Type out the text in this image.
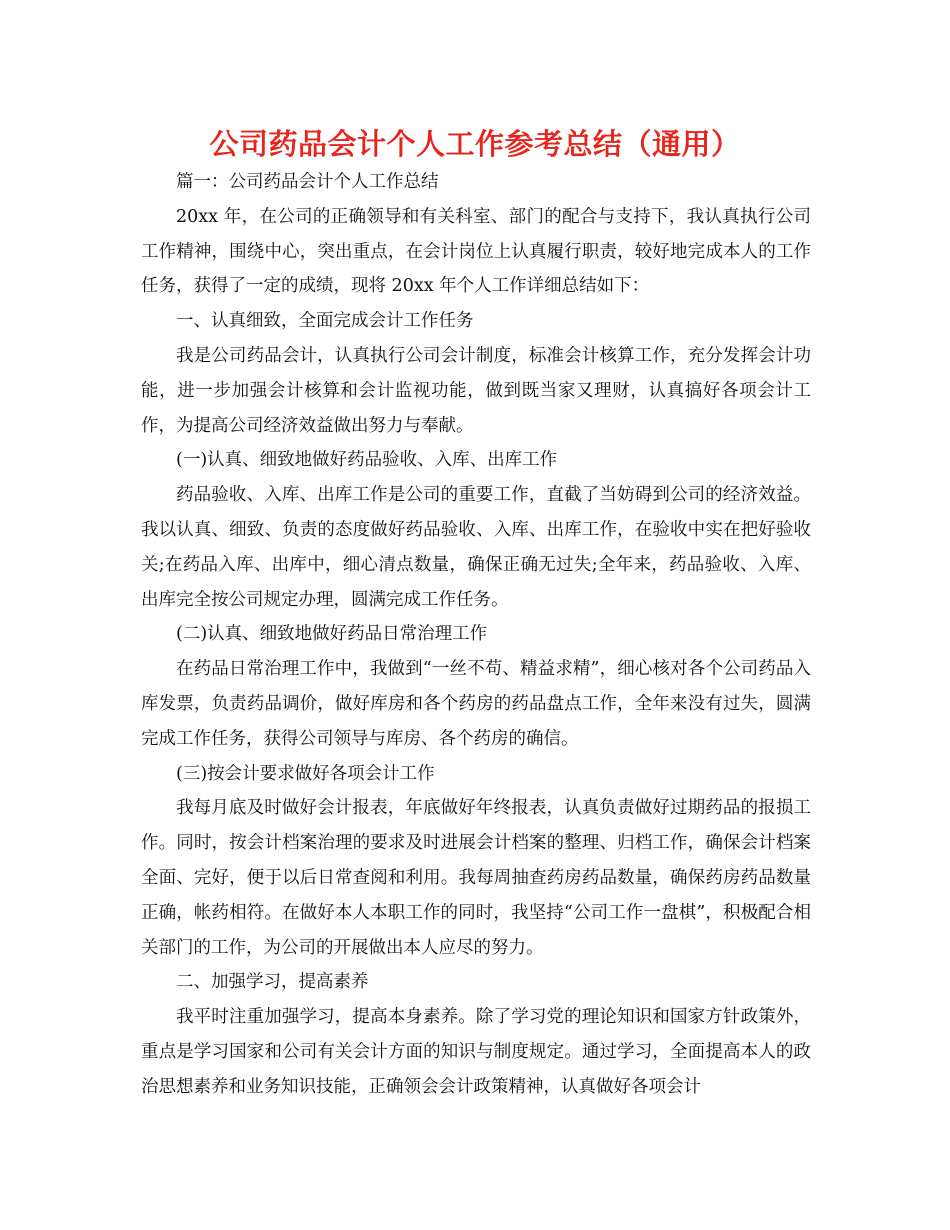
公司药品会计个人工作参考总结（通用）

篇一：公司药品会计个人工作总结

20xx 年，在公司的正确领导和有关科室、部门的配合与支持下，我认真执行公司工作精神，围绕中心，突出重点，在会计岗位上认真履行职责，较好地完成本人的工作任务，获得了一定的成绩，现将 20xx 年个人工作详细总结如下：

一、认真细致，全面完成会计工作任务

我是公司药品会计，认真执行公司会计制度，标准会计核算工作，充分发挥会计功能，进一步加强会计核算和会计监视功能，做到既当家又理财，认真搞好各项会计工作，为提高公司经济效益做出努力与奉献。

(一)认真、细致地做好药品验收、入库、出库工作

药品验收、入库、出库工作是公司的重要工作，直截了当妨碍到公司的经济效益。我以认真、细致、负责的态度做好药品验收、入库、出库工作，在验收中实在把好验收关;在药品入库、出库中，细心清点数量，确保正确无过失;全年来，药品验收、入库、出库完全按公司规定办理，圆满完成工作任务。

(二)认真、细致地做好药品日常治理工作

在药品日常治理工作中，我做到“一丝不苟、精益求精”，细心核对各个公司药品入库发票，负责药品调价，做好库房和各个药房的药品盘点工作，全年来没有过失，圆满完成工作任务，获得公司领导与库房、各个药房的确信。

(三)按会计要求做好各项会计工作

我每月底及时做好会计报表，年底做好年终报表，认真负责做好过期药品的报损工作。同时，按会计档案治理的要求及时进展会计档案的整理、归档工作，确保会计档案全面、完好，便于以后日常查阅和利用。我每周抽查药房药品数量，确保药房药品数量正确，帐药相符。在做好本人本职工作的同时，我坚持“公司工作一盘棋”，积极配合相关部门的工作，为公司的开展做出本人应尽的努力。

二、加强学习，提高素养

我平时注重加强学习，提高本身素养。除了学习党的理论知识和国家方针政策外，重点是学习国家和公司有关会计方面的知识与制度规定。通过学习，全面提高本人的政治思想素养和业务知识技能，正确领会会计政策精神，认真做好各项会计
